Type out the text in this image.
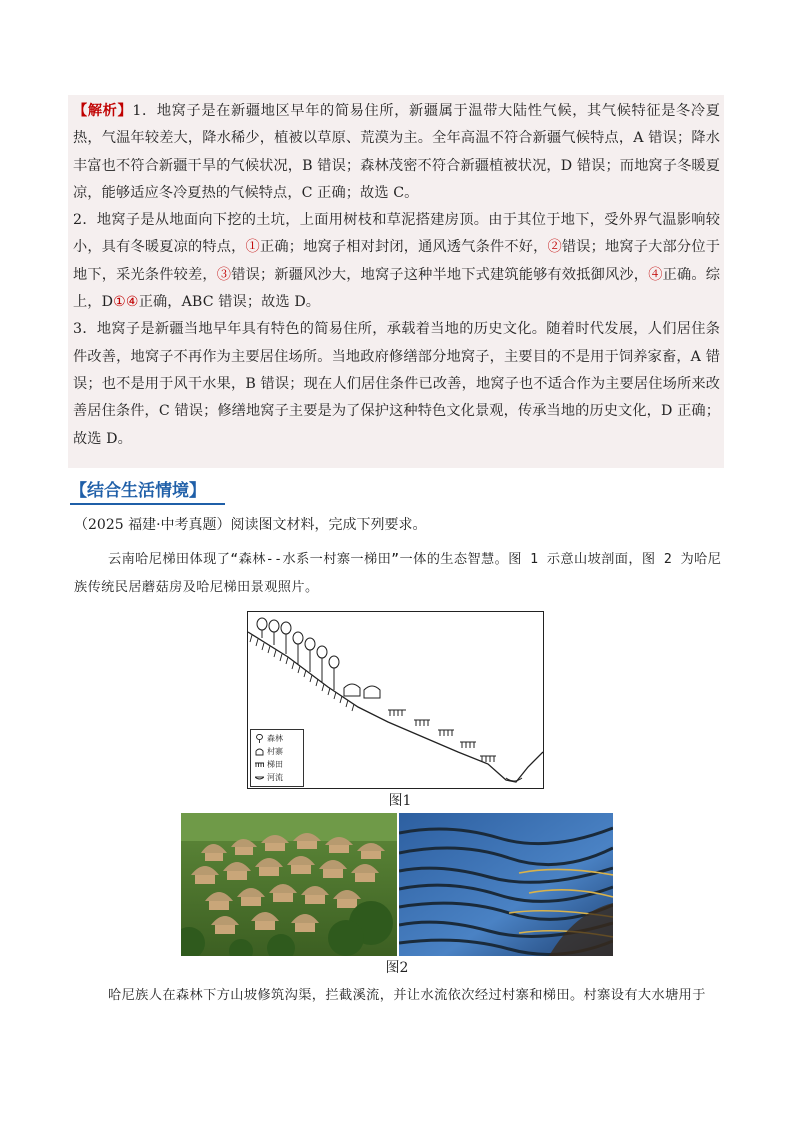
【解析】1．地窝子是在新疆地区早年的简易住所，新疆属于温带大陆性气候，其气候特征是冬冷夏热，气温年较差大，降水稀少，植被以草原、荒漠为主。全年高温不符合新疆气候特点，A 错误；降水丰富也不符合新疆干旱的气候状况，B 错误；森林茂密不符合新疆植被状况，D 错误；而地窝子冬暖夏凉，能够适应冬冷夏热的气候特点，C 正确；故选 C。

2．地窝子是从地面向下挖的土坑，上面用树枝和草泥搭建房顶。由于其位于地下，受外界气温影响较小，具有冬暖夏凉的特点，①正确；地窝子相对封闭，通风透气条件不好，②错误；地窝子大部分位于地下，采光条件较差，③错误；新疆风沙大，地窝子这种半地下式建筑能够有效抵御风沙，④正确。综上，D①④正确，ABC 错误；故选 D。

3．地窝子是新疆当地早年具有特色的简易住所，承载着当地的历史文化。随着时代发展，人们居住条件改善，地窝子不再作为主要居住场所。当地政府修缮部分地窝子，主要目的不是用于饲养家畜，A 错误；也不是用于风干水果，B 错误；现在人们居住条件已改善，地窝子也不适合作为主要居住场所来改善居住条件，C 错误；修缮地窝子主要是为了保护这种特色文化景观，传承当地的历史文化，D 正确；故选 D。

【结合生活情境】
（2025 福建·中考真题）阅读图文材料，完成下列要求。
云南哈尼梯田体现了“森林--水系一村寨一梯田”一体的生态智慧。图 1 示意山坡剖面，图 2 为哈尼族传统民居蘑菇房及哈尼梯田景观照片。
森林
村寨
梯田
河流
图1
图2
哈尼族人在森林下方山坡修筑沟渠，拦截溪流，并让水流依次经过村寨和梯田。村寨设有大水塘用于
